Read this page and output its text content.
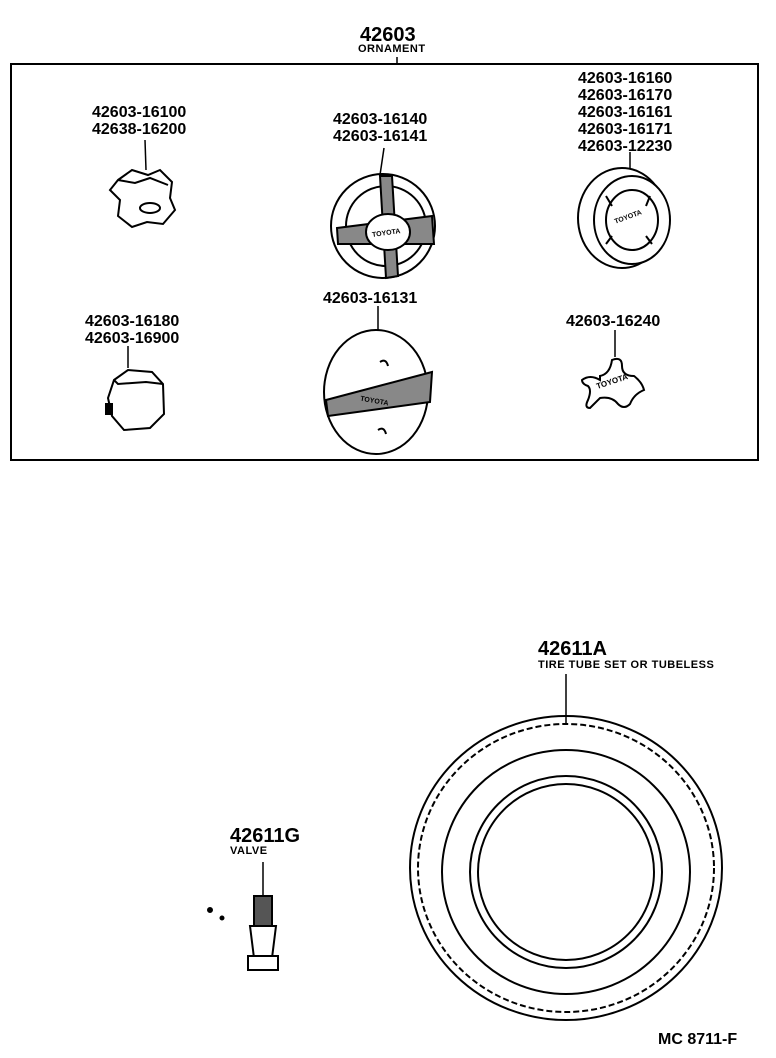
42603
ORNAMENT
42603-16100
42638-16200
42603-16140
42603-16141
42603-16160
42603-16170
42603-16161
42603-16171
42603-12230
42603-16180
42603-16900
42603-16131
42603-16240
TOYOTA
TOYOTA
TOYOTA
TOYOTA
42611A
TIRE TUBE SET OR TUBELESS
42611G
VALVE
MC 8711-F
